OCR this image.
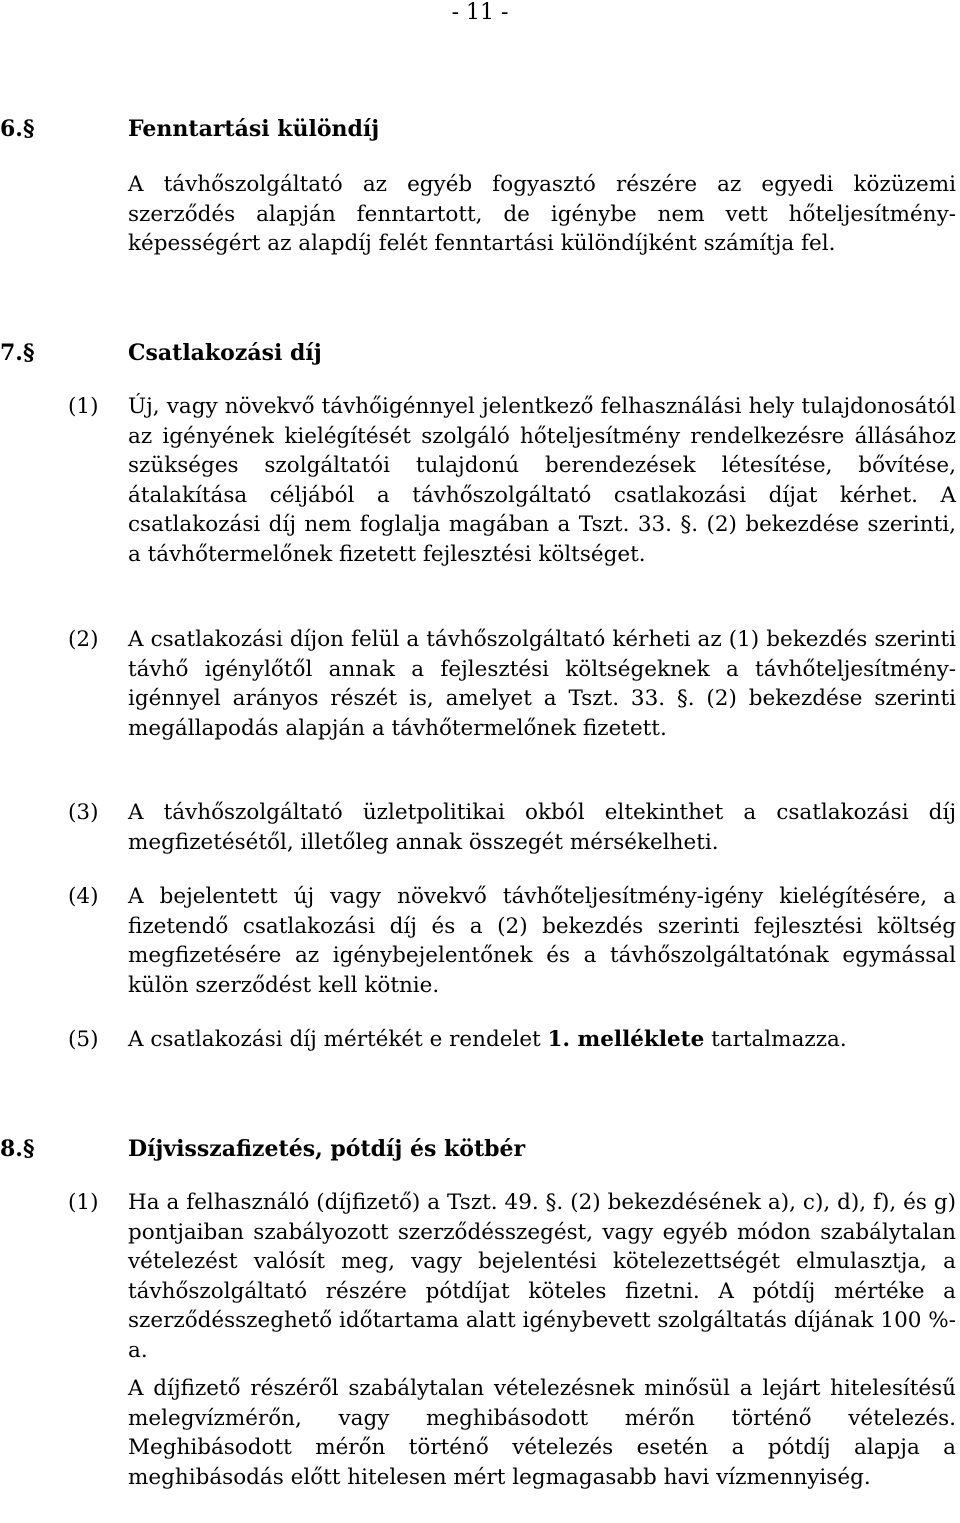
- 11 -
6.§	Fenntartási különdíj
A távhőszolgáltató az egyéb fogyasztó részére az egyedi közüzemi szerződés alapján fenntartott, de igénybe nem vett hőteljesítmény-képességért az alapdíj felét fenntartási különdíjként számítja fel.
7.§	Csatlakozási díj
(1) Új, vagy növekvő távhőigénnyel jelentkező felhasználási hely tulajdonosától az igényének kielégítését szolgáló hőteljesítmény rendelkezésre állásához szükséges szolgáltatói tulajdonú berendezések létesítése, bővítése, átalakítása céljából a távhőszolgáltató csatlakozási díjat kérhet. A csatlakozási díj nem foglalja magában a Tszt. 33. §. (2) bekezdése szerinti, a távhőtermelőnek fizetett fejlesztési költséget.
(2) A csatlakozási díjon felül a távhőszolgáltató kérheti az (1) bekezdés szerinti távhő igénylőtől annak a fejlesztési költségeknek a távhőteljesítmény-igénnyel arányos részét is, amelyet a Tszt. 33. §. (2) bekezdése szerinti megállapodás alapján a távhőtermelőnek fizetett.
(3) A távhőszolgáltató üzletpolitikai okból eltekinthet a csatlakozási díj megfizetésétől, illetőleg annak összegét mérsékelheti.
(4) A bejelentett új vagy növekvő távhőteljesítmény-igény kielégítésére, a fizetendő csatlakozási díj és a (2) bekezdés szerinti fejlesztési költség megfizetésére az igénybejelentőnek és a távhőszolgáltatónak egymással külön szerződést kell kötnie.
(5) A csatlakozási díj mértékét e rendelet 1. melléklete tartalmazza.
8.§	Díjvisszafizetés, pótdíj és kötbér
(1) Ha a felhasználó (díjfizető) a Tszt. 49. §. (2) bekezdésének a), c), d), f), és g) pontjaiban szabályozott szerződésszegést, vagy egyéb módon szabálytalan vételezést valósít meg, vagy bejelentési kötelezettségét elmulasztja, a távhőszolgáltató részére pótdíjat köteles fizetni. A pótdíj mértéke a szerződésszeghető időtartama alatt igénybevett szolgáltatás díjának 100 %-a.
A díjfizető részéről szabálytalan vételezésnek minősül a lejárt hitelesítésű melegvízmérőn, vagy meghibásodott mérőn történő vételezés. Meghibásodott mérőn történő vételezés esetén a pótdíj alapja a meghibásodás előtt hitelesen mért legmagasabb havi vízmennyiség.
